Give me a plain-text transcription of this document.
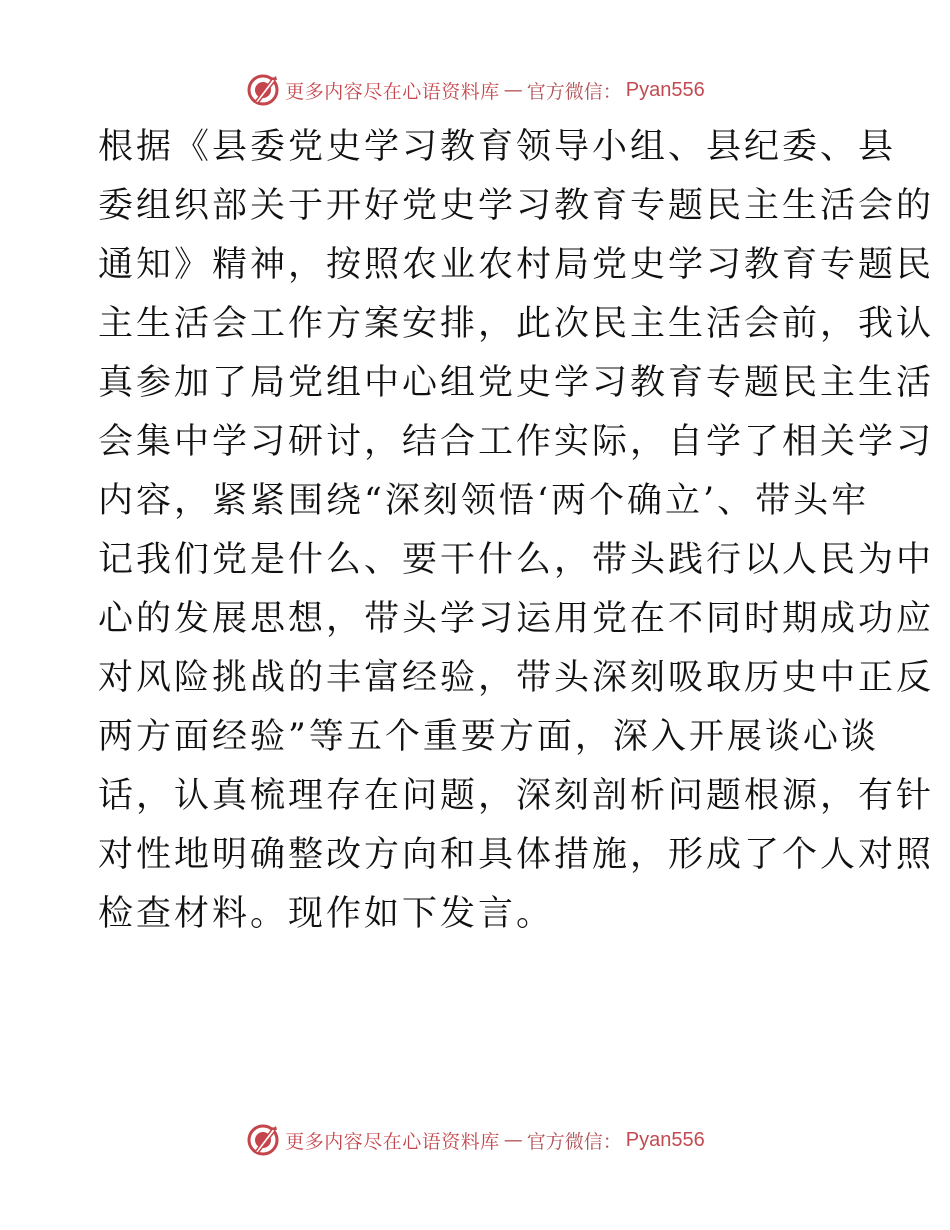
更多内容尽在心语资料库 — 官方微信： Pyan556
根据《县委党史学习教育领导小组、县纪委、县
委组织部关于开好党史学习教育专题民主生活会的
通知》精神，按照农业农村局党史学习教育专题民
主生活会工作方案安排，此次民主生活会前，我认
真参加了局党组中心组党史学习教育专题民主生活
会集中学习研讨，结合工作实际，自学了相关学习
内容，紧紧围绕“深刻领悟‘两个确立’、带头牢
记我们党是什么、要干什么，带头践行以人民为中
心的发展思想，带头学习运用党在不同时期成功应
对风险挑战的丰富经验，带头深刻吸取历史中正反
两方面经验”等五个重要方面，深入开展谈心谈
话，认真梳理存在问题，深刻剖析问题根源，有针
对性地明确整改方向和具体措施，形成了个人对照
检查材料。现作如下发言。
更多内容尽在心语资料库 — 官方微信： Pyan556
